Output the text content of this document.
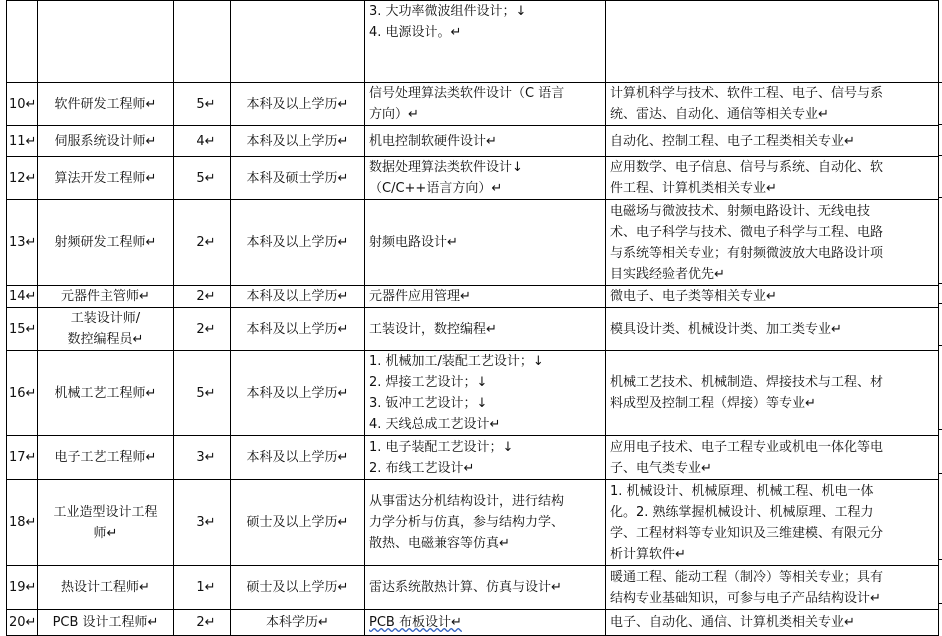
				3. 大功率微波组件设计；↓
4. 电源设计。↵	

10↵	软件研发工程师↵	5↵	本科及以上学历↵	信号处理算法类软件设计（C 语言
方向）↵	计算机科学与技术、软件工程、电子、信号与系
统、雷达、自动化、通信等相关专业↵

11↵	伺服系统设计师↵	4↵	本科及以上学历↵	机电控制软硬件设计↵	自动化、控制工程、电子工程类相关专业↵

12↵	算法开发工程师↵	5↵	本科及硕士学历↵	数据处理算法类软件设计↓
（C/C++语言方向）↵	应用数学、电子信息、信号与系统、自动化、软
件工程、计算机类相关专业↵

13↵	射频研发工程师↵	2↵	本科及以上学历↵	射频电路设计↵	电磁场与微波技术、射频电路设计、无线电技
术、电子科学与技术、微电子科学与工程、电路
与系统等相关专业；有射频微波放大电路设计项
目实践经验者优先↵

14↵	元器件主管师↵	2↵	本科及以上学历↵	元器件应用管理↵	微电子、电子类等相关专业↵

15↵	工装设计师/
数控编程员↵	2↵	本科及以上学历↵	工装设计，数控编程↵	模具设计类、机械设计类、加工类专业↵

16↵	机械工艺工程师↵	5↵	本科及以上学历↵	1. 机械加工/装配工艺设计；↓
2. 焊接工艺设计；↓
3. 钣冲工艺设计；↓
4. 天线总成工艺设计↵	机械工艺技术、机械制造、焊接技术与工程、材
料成型及控制工程（焊接）等专业↵

17↵	电子工艺工程师↵	3↵	本科及以上学历↵	1. 电子装配工艺设计；↓
2. 布线工艺设计↵	应用电子技术、电子工程专业或机电一体化等电
子、电气类专业↵

18↵	工业造型设计工程
师↵	3↵	硕士及以上学历↵	从事雷达分机结构设计，进行结构
力学分析与仿真，参与结构力学、
散热、电磁兼容等仿真↵	1. 机械设计、机械原理、机械工程、机电一体
化。2. 熟练掌握机械设计、机械原理、工程力
学、工程材料等专业知识及三维建模、有限元分
析计算软件↵

19↵	热设计工程师↵	1↵	硕士及以上学历↵	雷达系统散热计算、仿真与设计↵	暖通工程、能动工程（制冷）等相关专业；具有
结构专业基础知识，可参与电子产品结构设计↵

20↵	PCB 设计工程师↵	2↵	本科学历↵	PCB 布板设计↵	电子、自动化、通信、计算机类相关专业↵
